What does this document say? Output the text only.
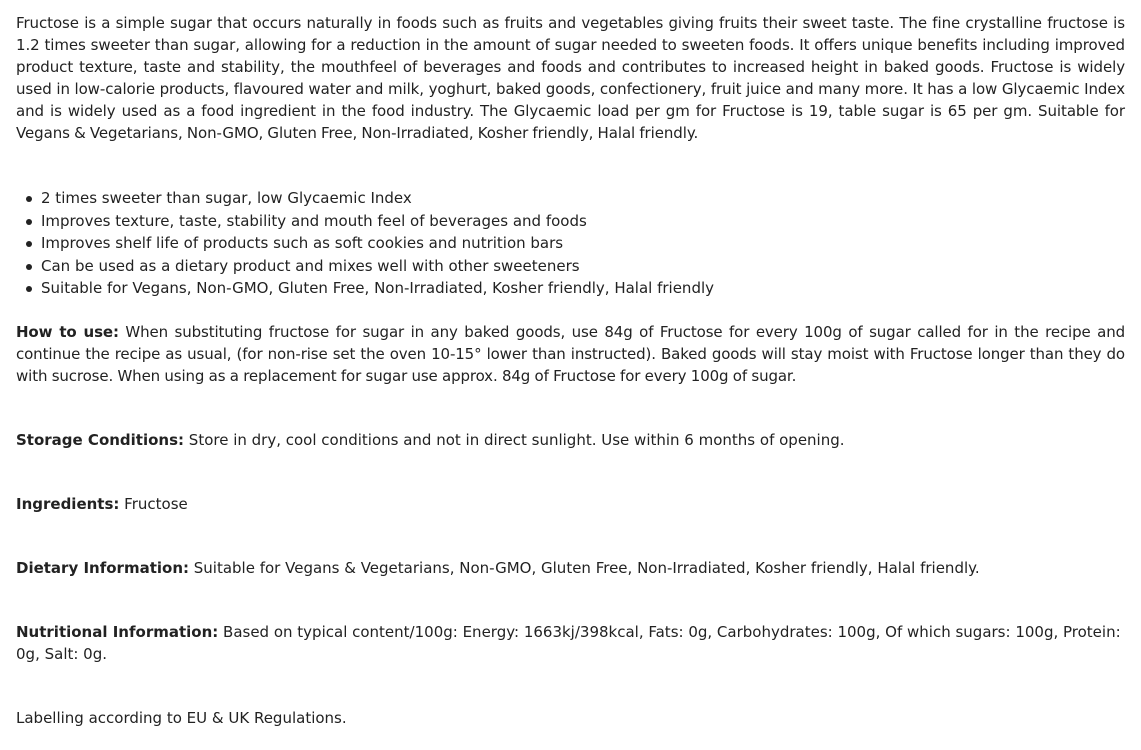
Fructose is a simple sugar that occurs naturally in foods such as fruits and vegetables giving fruits their sweet taste. The fine crystalline fructose is 1.2 times sweeter than sugar, allowing for a reduction in the amount of sugar needed to sweeten foods. It offers unique benefits including improved product texture, taste and stability, the mouthfeel of beverages and foods and contributes to increased height in baked goods. Fructose is widely used in low-calorie products, flavoured water and milk, yoghurt, baked goods, confectionery, fruit juice and many more. It has a low Glycaemic Index and is widely used as a food ingredient in the food industry. The Glycaemic load per gm for Fructose is 19, table sugar is 65 per gm. Suitable for Vegans & Vegetarians, Non-GMO, Gluten Free, Non-Irradiated, Kosher friendly, Halal friendly.

2 times sweeter than sugar, low Glycaemic Index
Improves texture, taste, stability and mouth feel of beverages and foods
Improves shelf life of products such as soft cookies and nutrition bars
Can be used as a dietary product and mixes well with other sweeteners
Suitable for Vegans, Non-GMO, Gluten Free, Non-Irradiated, Kosher friendly, Halal friendly

How to use: When substituting fructose for sugar in any baked goods, use 84g of Fructose for every 100g of sugar called for in the recipe and continue the recipe as usual, (for non-rise set the oven 10-15° lower than instructed). Baked goods will stay moist with Fructose longer than they do with sucrose. When using as a replacement for sugar use approx. 84g of Fructose for every 100g of sugar.

Storage Conditions: Store in dry, cool conditions and not in direct sunlight. Use within 6 months of opening.

Ingredients: Fructose

Dietary Information: Suitable for Vegans & Vegetarians, Non-GMO, Gluten Free, Non-Irradiated, Kosher friendly, Halal friendly.

Nutritional Information: Based on typical content/100g: Energy: 1663kj/398kcal, Fats: 0g, Carbohydrates: 100g, Of which sugars: 100g, Protein: 0g, Salt: 0g.

Labelling according to EU & UK Regulations.
